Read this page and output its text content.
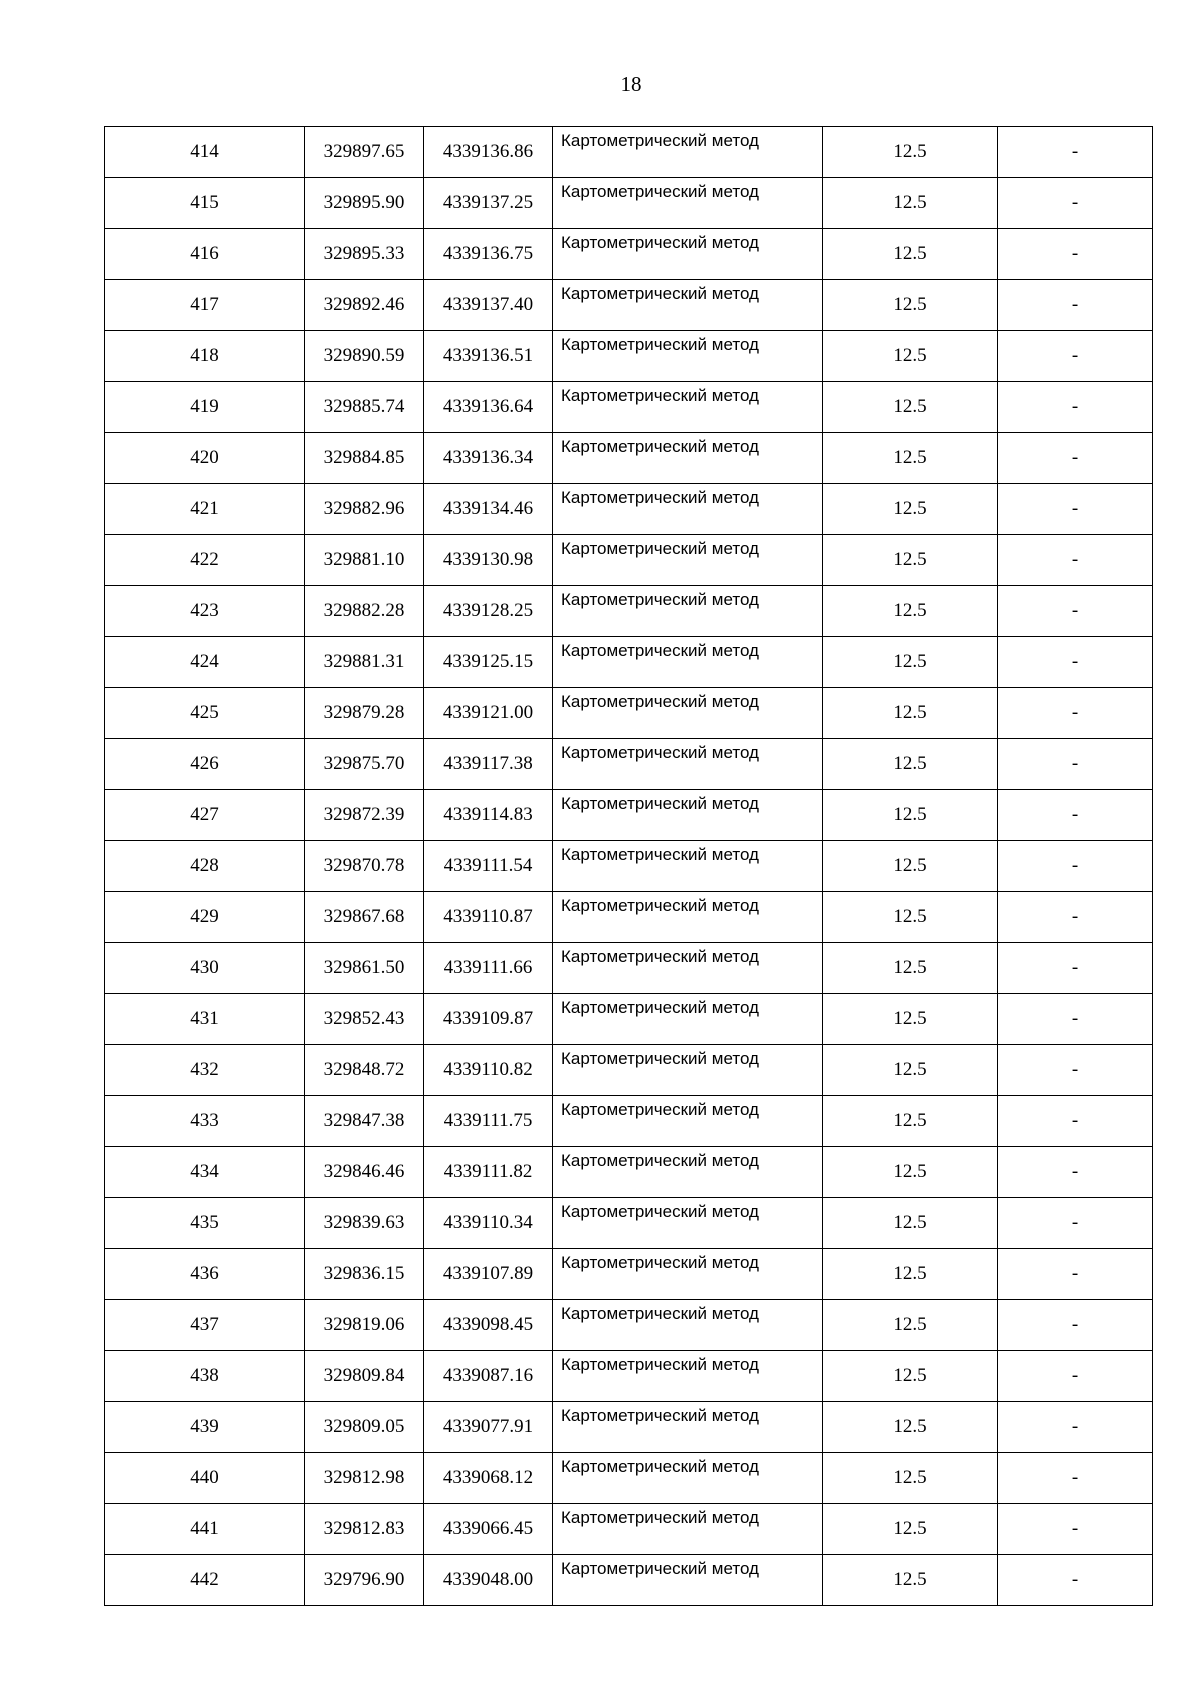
18
414	329897.65	4339136.86	Картометрический метод	12.5	-
415	329895.90	4339137.25	Картометрический метод	12.5	-
416	329895.33	4339136.75	Картометрический метод	12.5	-
417	329892.46	4339137.40	Картометрический метод	12.5	-
418	329890.59	4339136.51	Картометрический метод	12.5	-
419	329885.74	4339136.64	Картометрический метод	12.5	-
420	329884.85	4339136.34	Картометрический метод	12.5	-
421	329882.96	4339134.46	Картометрический метод	12.5	-
422	329881.10	4339130.98	Картометрический метод	12.5	-
423	329882.28	4339128.25	Картометрический метод	12.5	-
424	329881.31	4339125.15	Картометрический метод	12.5	-
425	329879.28	4339121.00	Картометрический метод	12.5	-
426	329875.70	4339117.38	Картометрический метод	12.5	-
427	329872.39	4339114.83	Картометрический метод	12.5	-
428	329870.78	4339111.54	Картометрический метод	12.5	-
429	329867.68	4339110.87	Картометрический метод	12.5	-
430	329861.50	4339111.66	Картометрический метод	12.5	-
431	329852.43	4339109.87	Картометрический метод	12.5	-
432	329848.72	4339110.82	Картометрический метод	12.5	-
433	329847.38	4339111.75	Картометрический метод	12.5	-
434	329846.46	4339111.82	Картометрический метод	12.5	-
435	329839.63	4339110.34	Картометрический метод	12.5	-
436	329836.15	4339107.89	Картометрический метод	12.5	-
437	329819.06	4339098.45	Картометрический метод	12.5	-
438	329809.84	4339087.16	Картометрический метод	12.5	-
439	329809.05	4339077.91	Картометрический метод	12.5	-
440	329812.98	4339068.12	Картометрический метод	12.5	-
441	329812.83	4339066.45	Картометрический метод	12.5	-
442	329796.90	4339048.00	Картометрический метод	12.5	-
